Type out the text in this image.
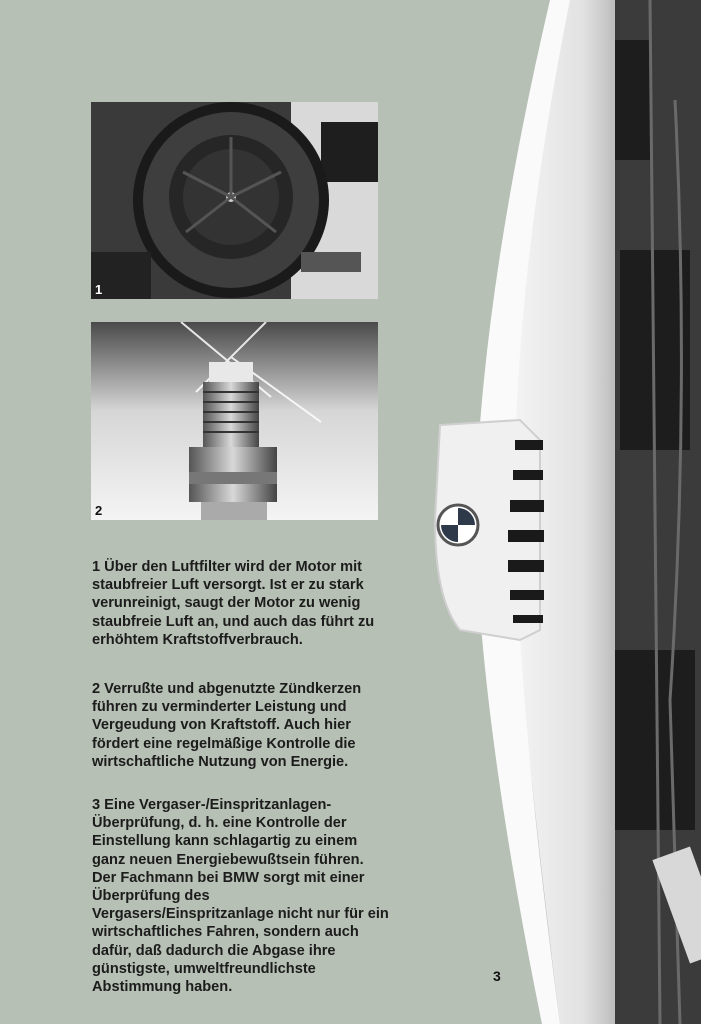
1
2

1 Über den Luftfilter wird der Motor mit staubfreier Luft versorgt. Ist er zu stark verunreinigt, saugt der Motor zu wenig staubfreie Luft an, und auch das führt zu erhöhtem Kraftstoffverbrauch.

2 Verrußte und abgenutzte Zündkerzen führen zu verminderter Leistung und Vergeudung von Kraftstoff. Auch hier fördert eine regelmäßige Kontrolle die wirtschaftliche Nutzung von Energie.

3 Eine Vergaser-/Einspritzanlagen-Überprüfung, d. h. eine Kontrolle der Einstellung kann schlagartig zu einem ganz neuen Energiebewußtsein führen. Der Fachmann bei BMW sorgt mit einer Überprüfung des Vergasers/Einspritzanlage nicht nur für ein wirtschaftliches Fahren, sondern auch dafür, daß dadurch die Abgase ihre günstigste, umweltfreundlichste Abstimmung haben.

3
